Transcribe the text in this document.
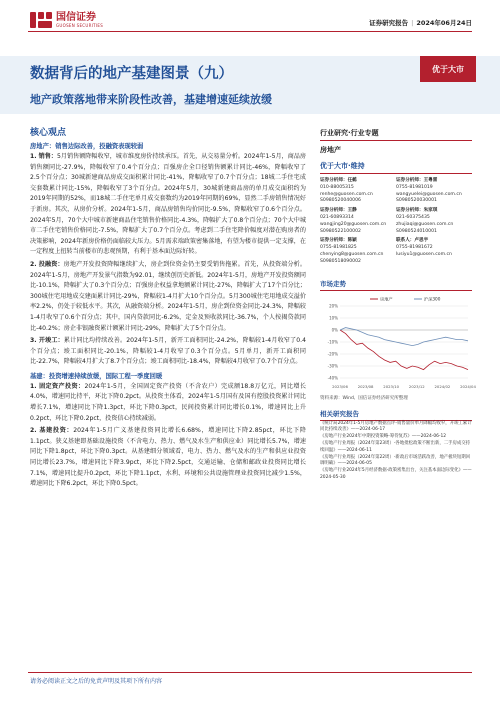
国信证券
GUOSEN SECURITIES	证券研究报告 | 2024年06月24日
数据背后的地产基建图景（九）
地产政策落地带来阶段性改善，基建增速延续放缓
优于大市
核心观点
房地产：销售边际改善，投融资表现较弱

1. 销售：5月销售额降幅收窄，城市维度房价持续承压。首先，从交易量分析。2024年1-5月，商品房销售额同比-27.9%，降幅收窄了0.4个百分点；百强房企全口径销售额累计同比-46%，降幅收窄了2.5个百分点；30城新建商品房成交面积累计同比-41%，降幅收窄了0.7个百分点；18城二手住宅成交套数累计同比-15%，降幅收窄了3个百分点。2024年5月，30城新建商品房的单月成交面积约为2019年同期的52%，而18城二手住宅单月成交套数约为2019年同期的69%，显然二手房销售情况好于新房。其次，从房价分析。2024年1-5月，商品房销售均价同比-9.5%，降幅收窄了0.6个百分点。2024年5月，70个大中城市新建商品住宅销售价格同比-4.3%，降幅扩大了0.8个百分点；70个大中城市二手住宅销售价格同比-7.5%，降幅扩大了0.7个百分点。考虑到二手住宅降价幅度对潜在购房者的决策影响，2024年新房价格仍面临较大压力。5月需求端政策密集落地，有望为楼市提供一定支撑，在一定程度上扭转当前楼市的悲观预期，有利于基本面边际好转。

2. 投融资：房地产开发投资降幅继续扩大，房企到位资金仍主要受销售拖累。首先，从投资端分析。2024年1-5月，房地产开发景气指数为92.01，继续创历史新低。2024年1-5月，房地产开发投资额同比-10.1%，降幅扩大了0.3个百分点；百强房企权益拿地额累计同比-27%，降幅扩大了17个百分比；300城住宅用地成交建面累计同比-29%，降幅较1-4月扩大10个百分点。5月300城住宅用地成交溢价率2.2%，仍处于较低水平。其次，从融资端分析。2024年1-5月，房企到位资金同比-24.3%，降幅较1-4月收窄了0.6个百分点；其中，国内贷款同比-6.2%，定金及预收款同比-36.7%，个人按揭贷款同比-40.2%；房企非银融资累计额累计同比-29%，降幅扩大了5个百分点。

3. 开竣工：累计同比均持续改善。2024年1-5月，新开工面积同比-24.2%，降幅较1-4月收窄了0.4个百分点；竣工面积同比-20.1%，降幅较1-4月收窄了0.3个百分点。5月单月，新开工面积同比-22.7%，降幅较4月扩大了8.7个百分点；竣工面积同比-18.4%，降幅较4月收窄了0.7个百分点。

基建：投资增速持续放缓，国际工程一季度回暖

1. 固定资产投资：2024年1-5月，全国固定资产投资（不含农户）完成额18.8万亿元，同比增长4.0%，增速同比持平，环比下降0.2pct。从投资主体看，2024年1-5月国有及国有控股投资累计同比增长7.1%，增速同比下降1.3pct，环比下降0.3pct，民间投资累计同比增长0.1%，增速同比上升0.2pct，环比下降0.2pct，投资信心持续减弱。

2. 基建投资：2024年1-5月广义基建投资同比增长6.68%，增速同比下降2.85pct，环比下降1.1pct。狭义基建即基础设施投资（不含电力、热力、燃气及水生产和供应业）同比增长5.7%，增速同比下降1.8pct，环比下降0.3pct。从基建细分领域看，电力、热力、燃气及水的生产和供应业投资同比增长23.7%，增速同比下降3.9pct，环比下降2.5pct，交通运输、仓储和邮政业投资同比增长7.1%，增速同比提升0.2pct，环比下降1.1pct，水利、环境和公共设施管理业投资同比减少1.5%，增速同比下降6.2pct，环比下降0.5pct。

行业研究·行业专题
房地产
优于大市·维持
证券分析师：任鹤
010-88005315
renhe@guosen.com.cn
S0980520040006
证券分析师：王粤雷
0755-81981019
wangyuelei@guosen.com.cn
S0980520030001
证券分析师：王静
021-60893314
wangjing20@guosen.com.cn
S0980522100002
证券分析师：朱家琪
021-60375435
zhujiaqi@guosen.com.cn
S0980524010001
证券分析师：陈颖
0755-81981825
chenying8@guosen.com.cn
S0980518090002
联系人：卢思宇
0755-81981672
lusiyu1@guosen.com.cn
市场走势
20%
10%
0%
-10%
-20%
-30%
-40%
2023/06	2023/08	2023/10	2023/12	2024/02	2024/04
房地产	沪深300
资料来源：Wind、国信证券经济研究所整理
相关研究报告
《统计局2024年1-5月房地产数据点评-销售量价单月降幅均收窄，开竣工累计同比持续改善》——2024-06-17
《房地产行业2024年中期投资策略-筹待复苏》——2024-06-12
《房地产行业周报（2024年第23周）-各地批松政策不断出新，二手房成交持续回温》——2024-06-11
《房地产行业周报（2024年第22周）-新政后市场活跃改善，地产板块短期回调明确》——2024-06-05
《房地产行业2024年5月经济数据-政策密集出台，关注基本面边际变化》——2024-05-30
请务必阅读正文之后的免责声明及其项下所有内容
